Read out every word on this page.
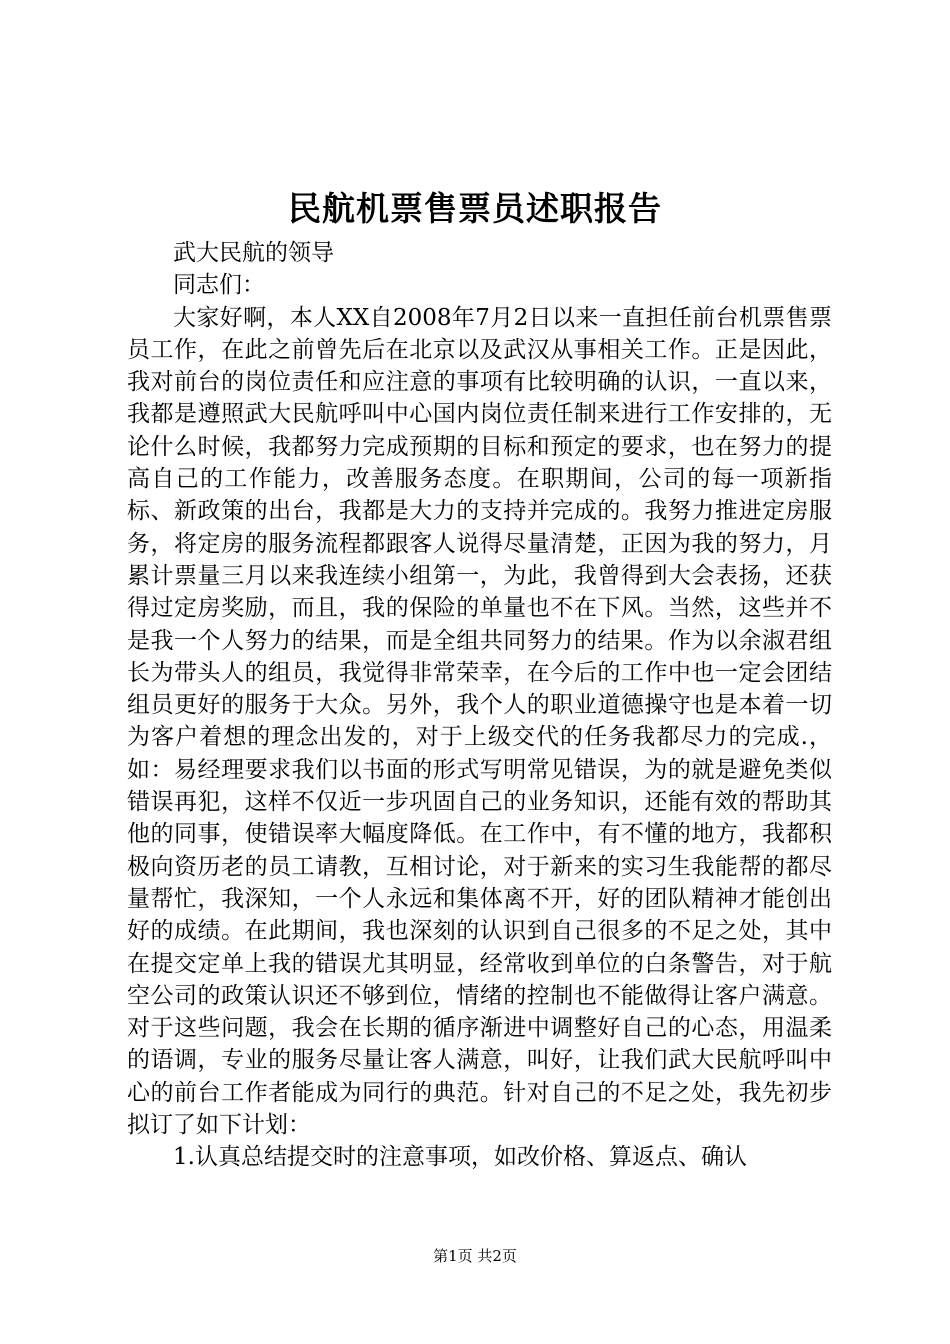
民航机票售票员述职报告

武大民航的领导

同志们：

大家好啊，本人XX自2008年7月2日以来一直担任前台机票售票员工作，在此之前曾先后在北京以及武汉从事相关工作。正是因此，我对前台的岗位责任和应注意的事项有比较明确的认识，一直以来，我都是遵照武大民航呼叫中心国内岗位责任制来进行工作安排的，无论什么时候，我都努力完成预期的目标和预定的要求，也在努力的提高自己的工作能力，改善服务态度。在职期间，公司的每一项新指标、新政策的出台，我都是大力的支持并完成的。我努力推进定房服务，将定房的服务流程都跟客人说得尽量清楚，正因为我的努力，月累计票量三月以来我连续小组第一，为此，我曾得到大会表扬，还获得过定房奖励，而且，我的保险的单量也不在下风。当然，这些并不是我一个人努力的结果，而是全组共同努力的结果。作为以余淑君组长为带头人的组员，我觉得非常荣幸，在今后的工作中也一定会团结组员更好的服务于大众。另外，我个人的职业道德操守也是本着一切为客户着想的理念出发的，对于上级交代的任务我都尽力的完成.，如：易经理要求我们以书面的形式写明常见错误，为的就是避免类似错误再犯，这样不仅近一步巩固自己的业务知识，还能有效的帮助其他的同事，使错误率大幅度降低。在工作中，有不懂的地方，我都积极向资历老的员工请教，互相讨论，对于新来的实习生我能帮的都尽量帮忙，我深知，一个人永远和集体离不开，好的团队精神才能创出好的成绩。在此期间，我也深刻的认识到自己很多的不足之处，其中在提交定单上我的错误尤其明显，经常收到单位的白条警告，对于航空公司的政策认识还不够到位，情绪的控制也不能做得让客户满意。对于这些问题，我会在长期的循序渐进中调整好自己的心态，用温柔的语调，专业的服务尽量让客人满意，叫好，让我们武大民航呼叫中心的前台工作者能成为同行的典范。针对自己的不足之处，我先初步拟订了如下计划：

1.认真总结提交时的注意事项，如改价格、算返点、确认

第1页 共2页
